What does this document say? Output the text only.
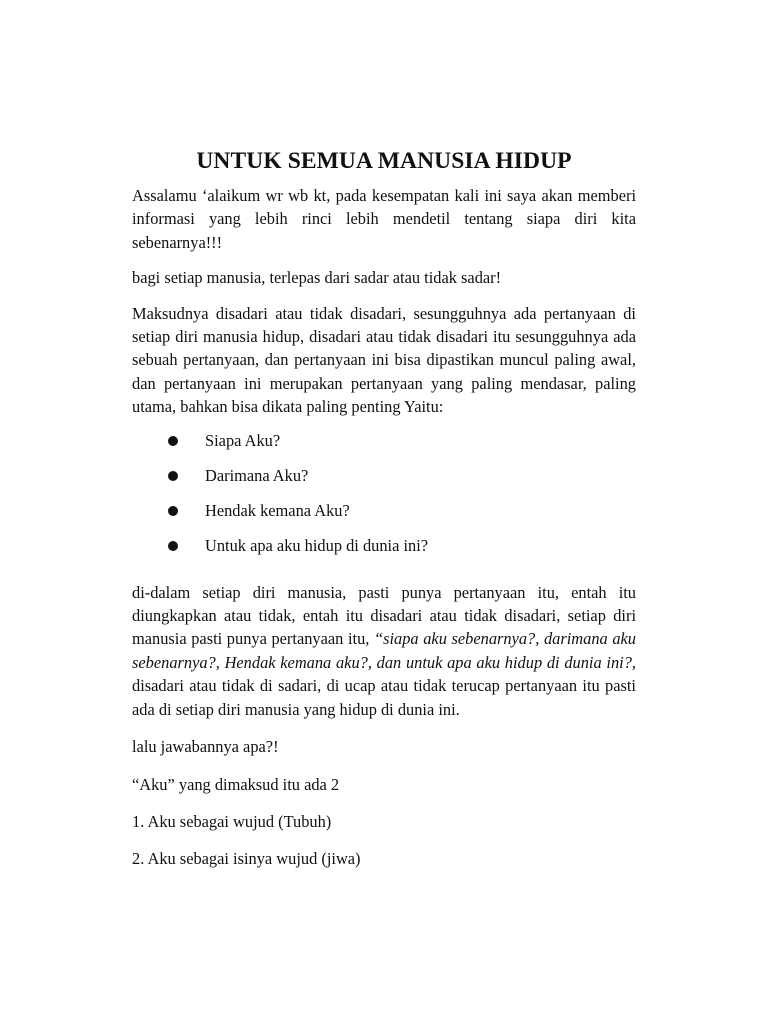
UNTUK SEMUA MANUSIA HIDUP

Assalamu ‘alaikum wr wb kt, pada kesempatan kali ini saya akan memberi informasi yang lebih rinci lebih mendetil tentang siapa diri kita sebenarnya!!!

bagi setiap manusia, terlepas dari sadar atau tidak sadar!

Maksudnya disadari atau tidak disadari, sesungguhnya ada pertanyaan di setiap diri manusia hidup, disadari atau tidak disadari itu sesungguhnya ada sebuah pertanyaan, dan pertanyaan ini bisa dipastikan muncul paling awal, dan pertanyaan ini merupakan pertanyaan yang paling mendasar, paling utama, bahkan bisa dikata paling penting Yaitu:

Siapa Aku?
Darimana Aku?
Hendak kemana Aku?
Untuk apa aku hidup di dunia ini?

di-dalam setiap diri manusia, pasti punya pertanyaan itu, entah itu diungkapkan atau tidak, entah itu disadari atau tidak disadari, setiap diri manusia pasti punya pertanyaan itu, “siapa aku sebenarnya?, darimana aku sebenarnya?, Hendak kemana aku?, dan untuk apa aku hidup di dunia ini?, disadari atau tidak di sadari, di ucap atau tidak terucap pertanyaan itu pasti ada di setiap diri manusia yang hidup di dunia ini.

lalu jawabannya apa?!

“Aku” yang dimaksud itu ada 2

1. Aku sebagai wujud (Tubuh)

2. Aku sebagai isinya wujud (jiwa)
